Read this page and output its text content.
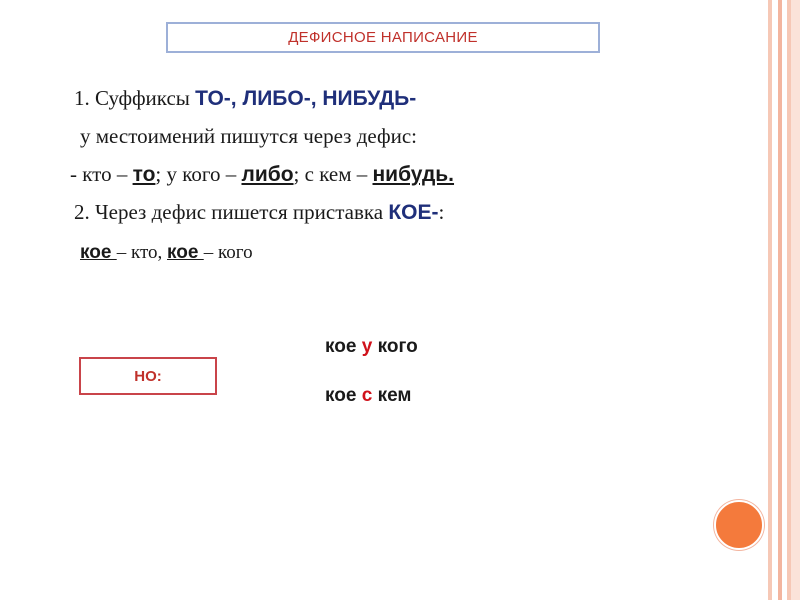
ДЕФИСНОЕ НАПИСАНИЕ
1. Суффиксы ТО-, ЛИБО-, НИБУДЬ-
у местоимений пишутся через дефис:
- кто – то; у кого – либо; с кем – нибудь.
2. Через дефис пишется приставка КОЕ-:
кое – кто, кое – кого
НО:
кое у кого
кое с кем
